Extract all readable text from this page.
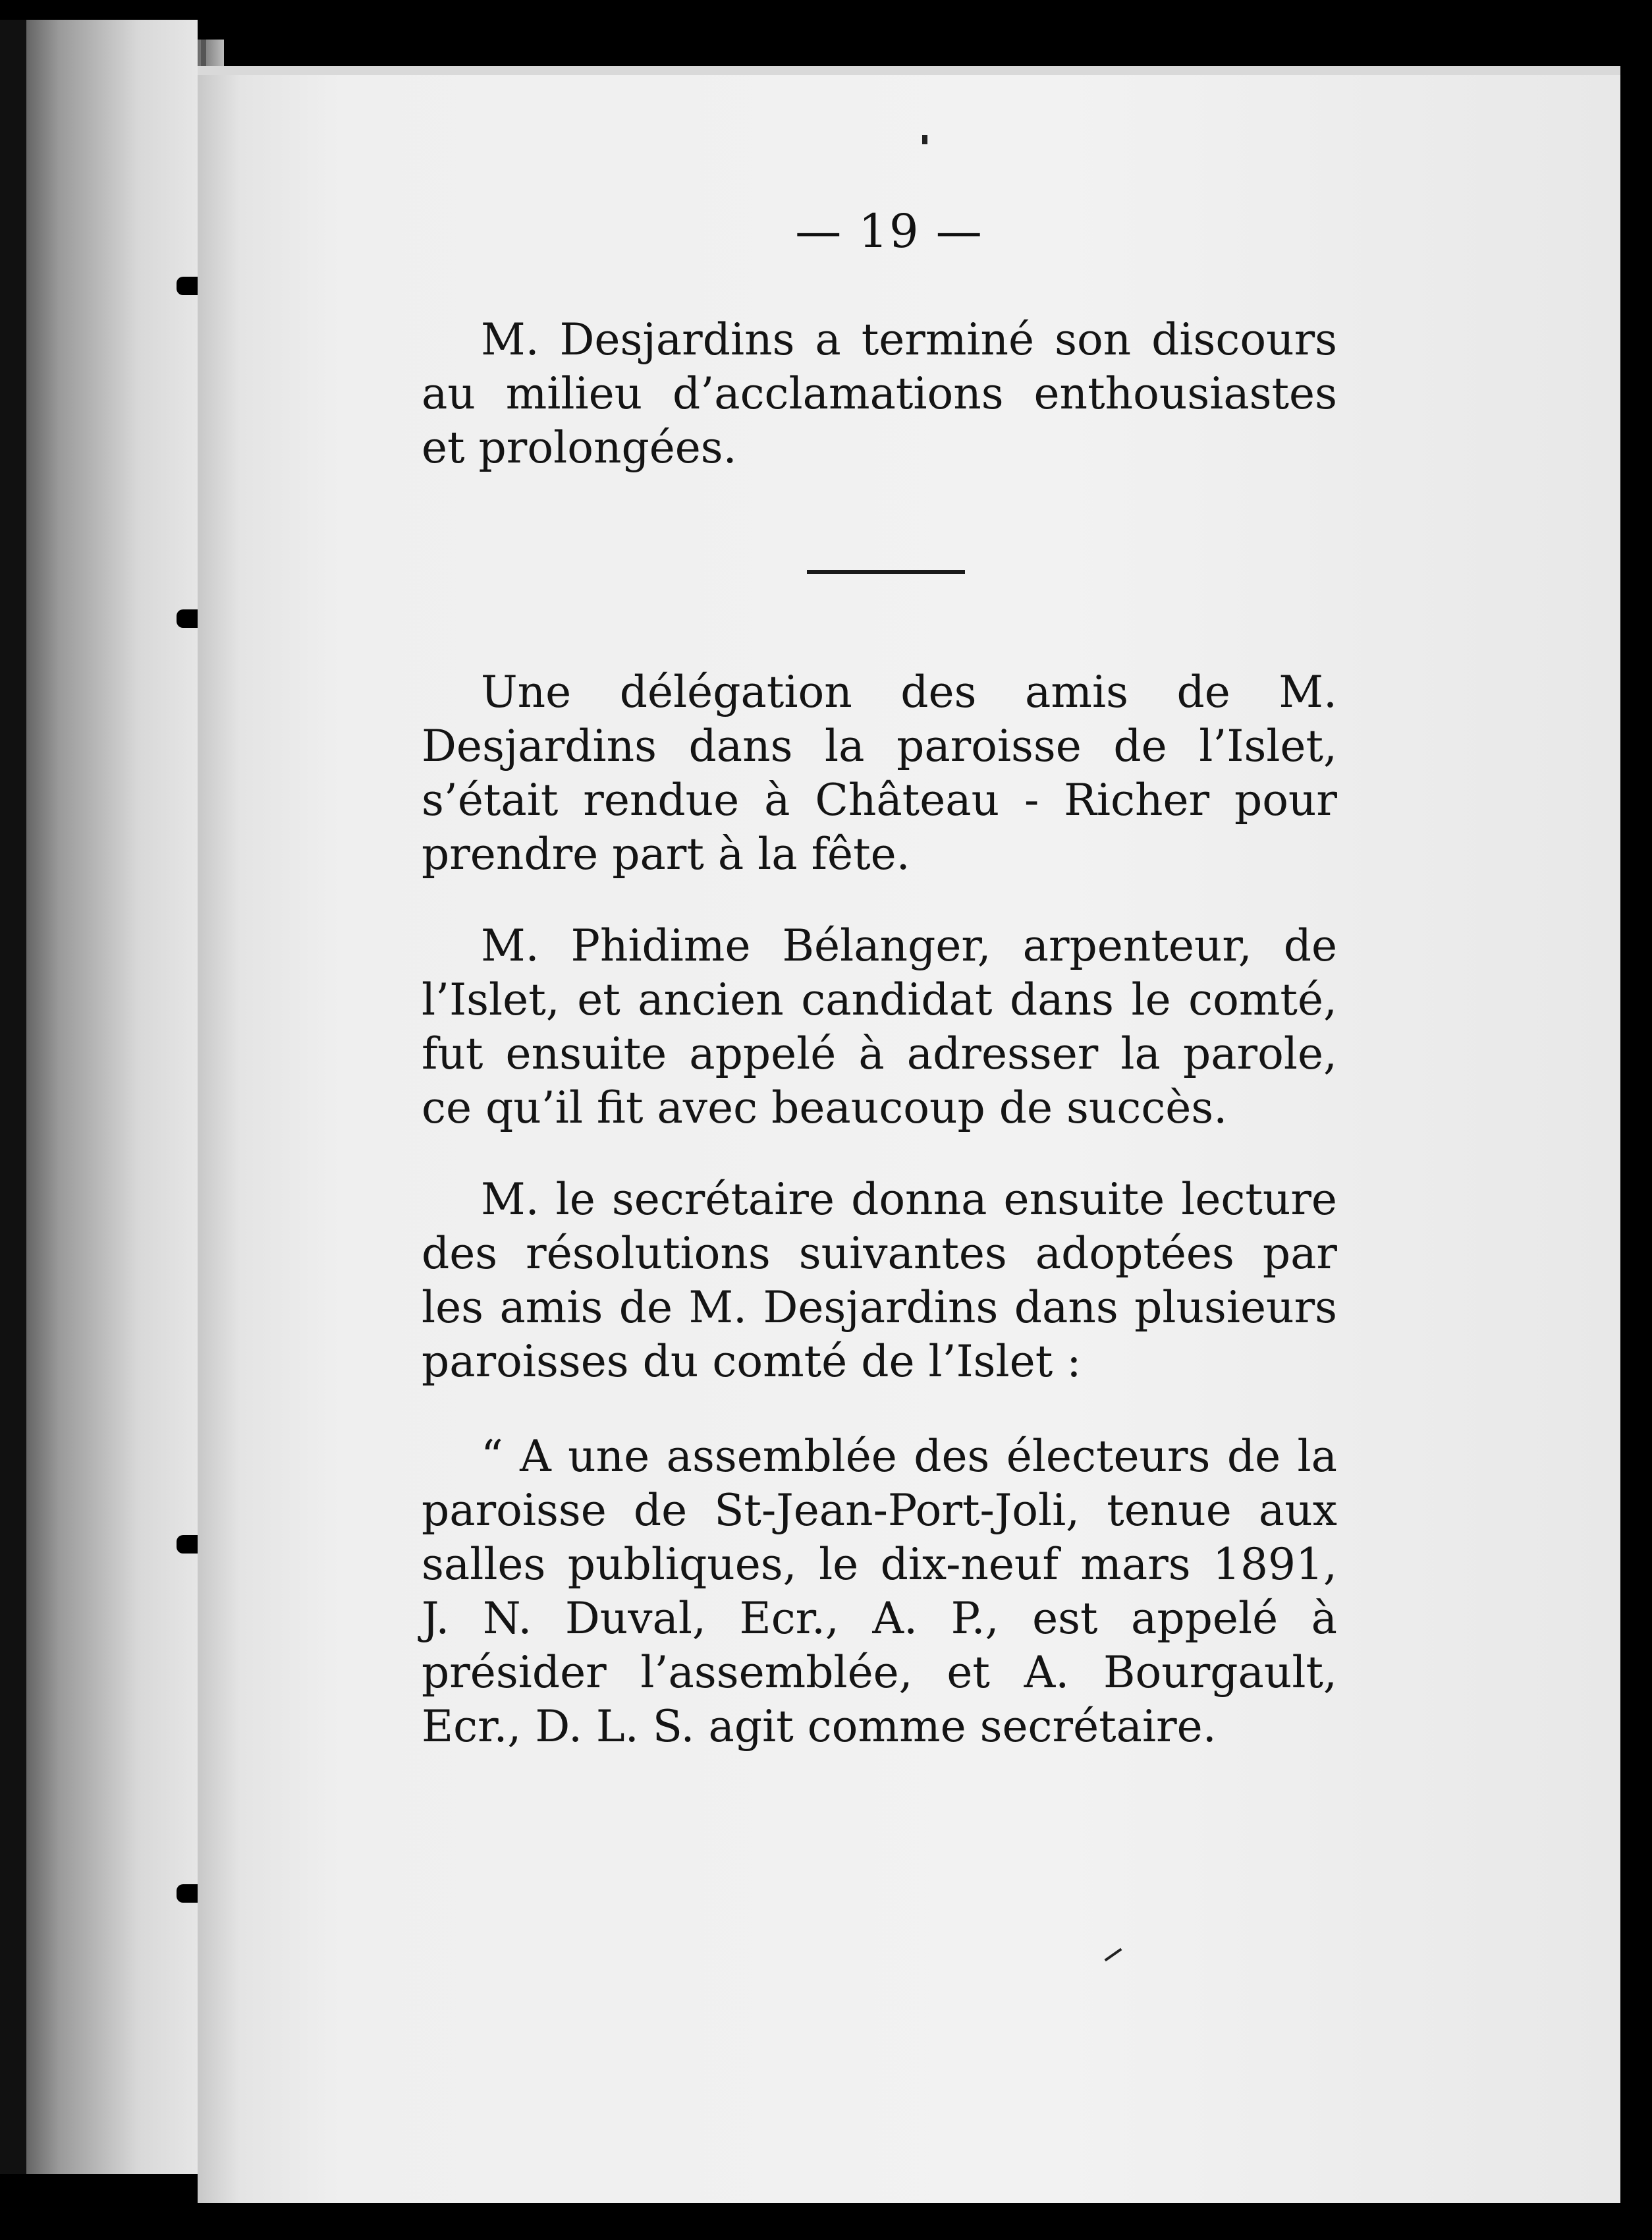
— 19 —

M. Desjardins a terminé son discours au milieu d’acclamations enthousiastes et prolongées.

Une délégation des amis de M. Desjardins dans la paroisse de l’Islet, s’était rendue à Château - Richer pour prendre part à la fête.

M. Phidime Bélanger, arpenteur, de l’Islet, et ancien candidat dans le comté, fut ensuite appelé à adresser la parole, ce qu’il fit avec beaucoup de succès.

M. le secrétaire donna ensuite lecture des résolutions suivantes adoptées par les amis de M. Desjardins dans plusieurs paroisses du comté de l’Islet :

“ A une assemblée des électeurs de la paroisse de St-Jean-Port-Joli, tenue aux salles publiques, le dix-neuf mars 1891, J. N. Duval, Ecr., A. P., est appelé à présider l’assemblée, et A. Bourgault, Ecr., D. L. S. agit comme secrétaire.
